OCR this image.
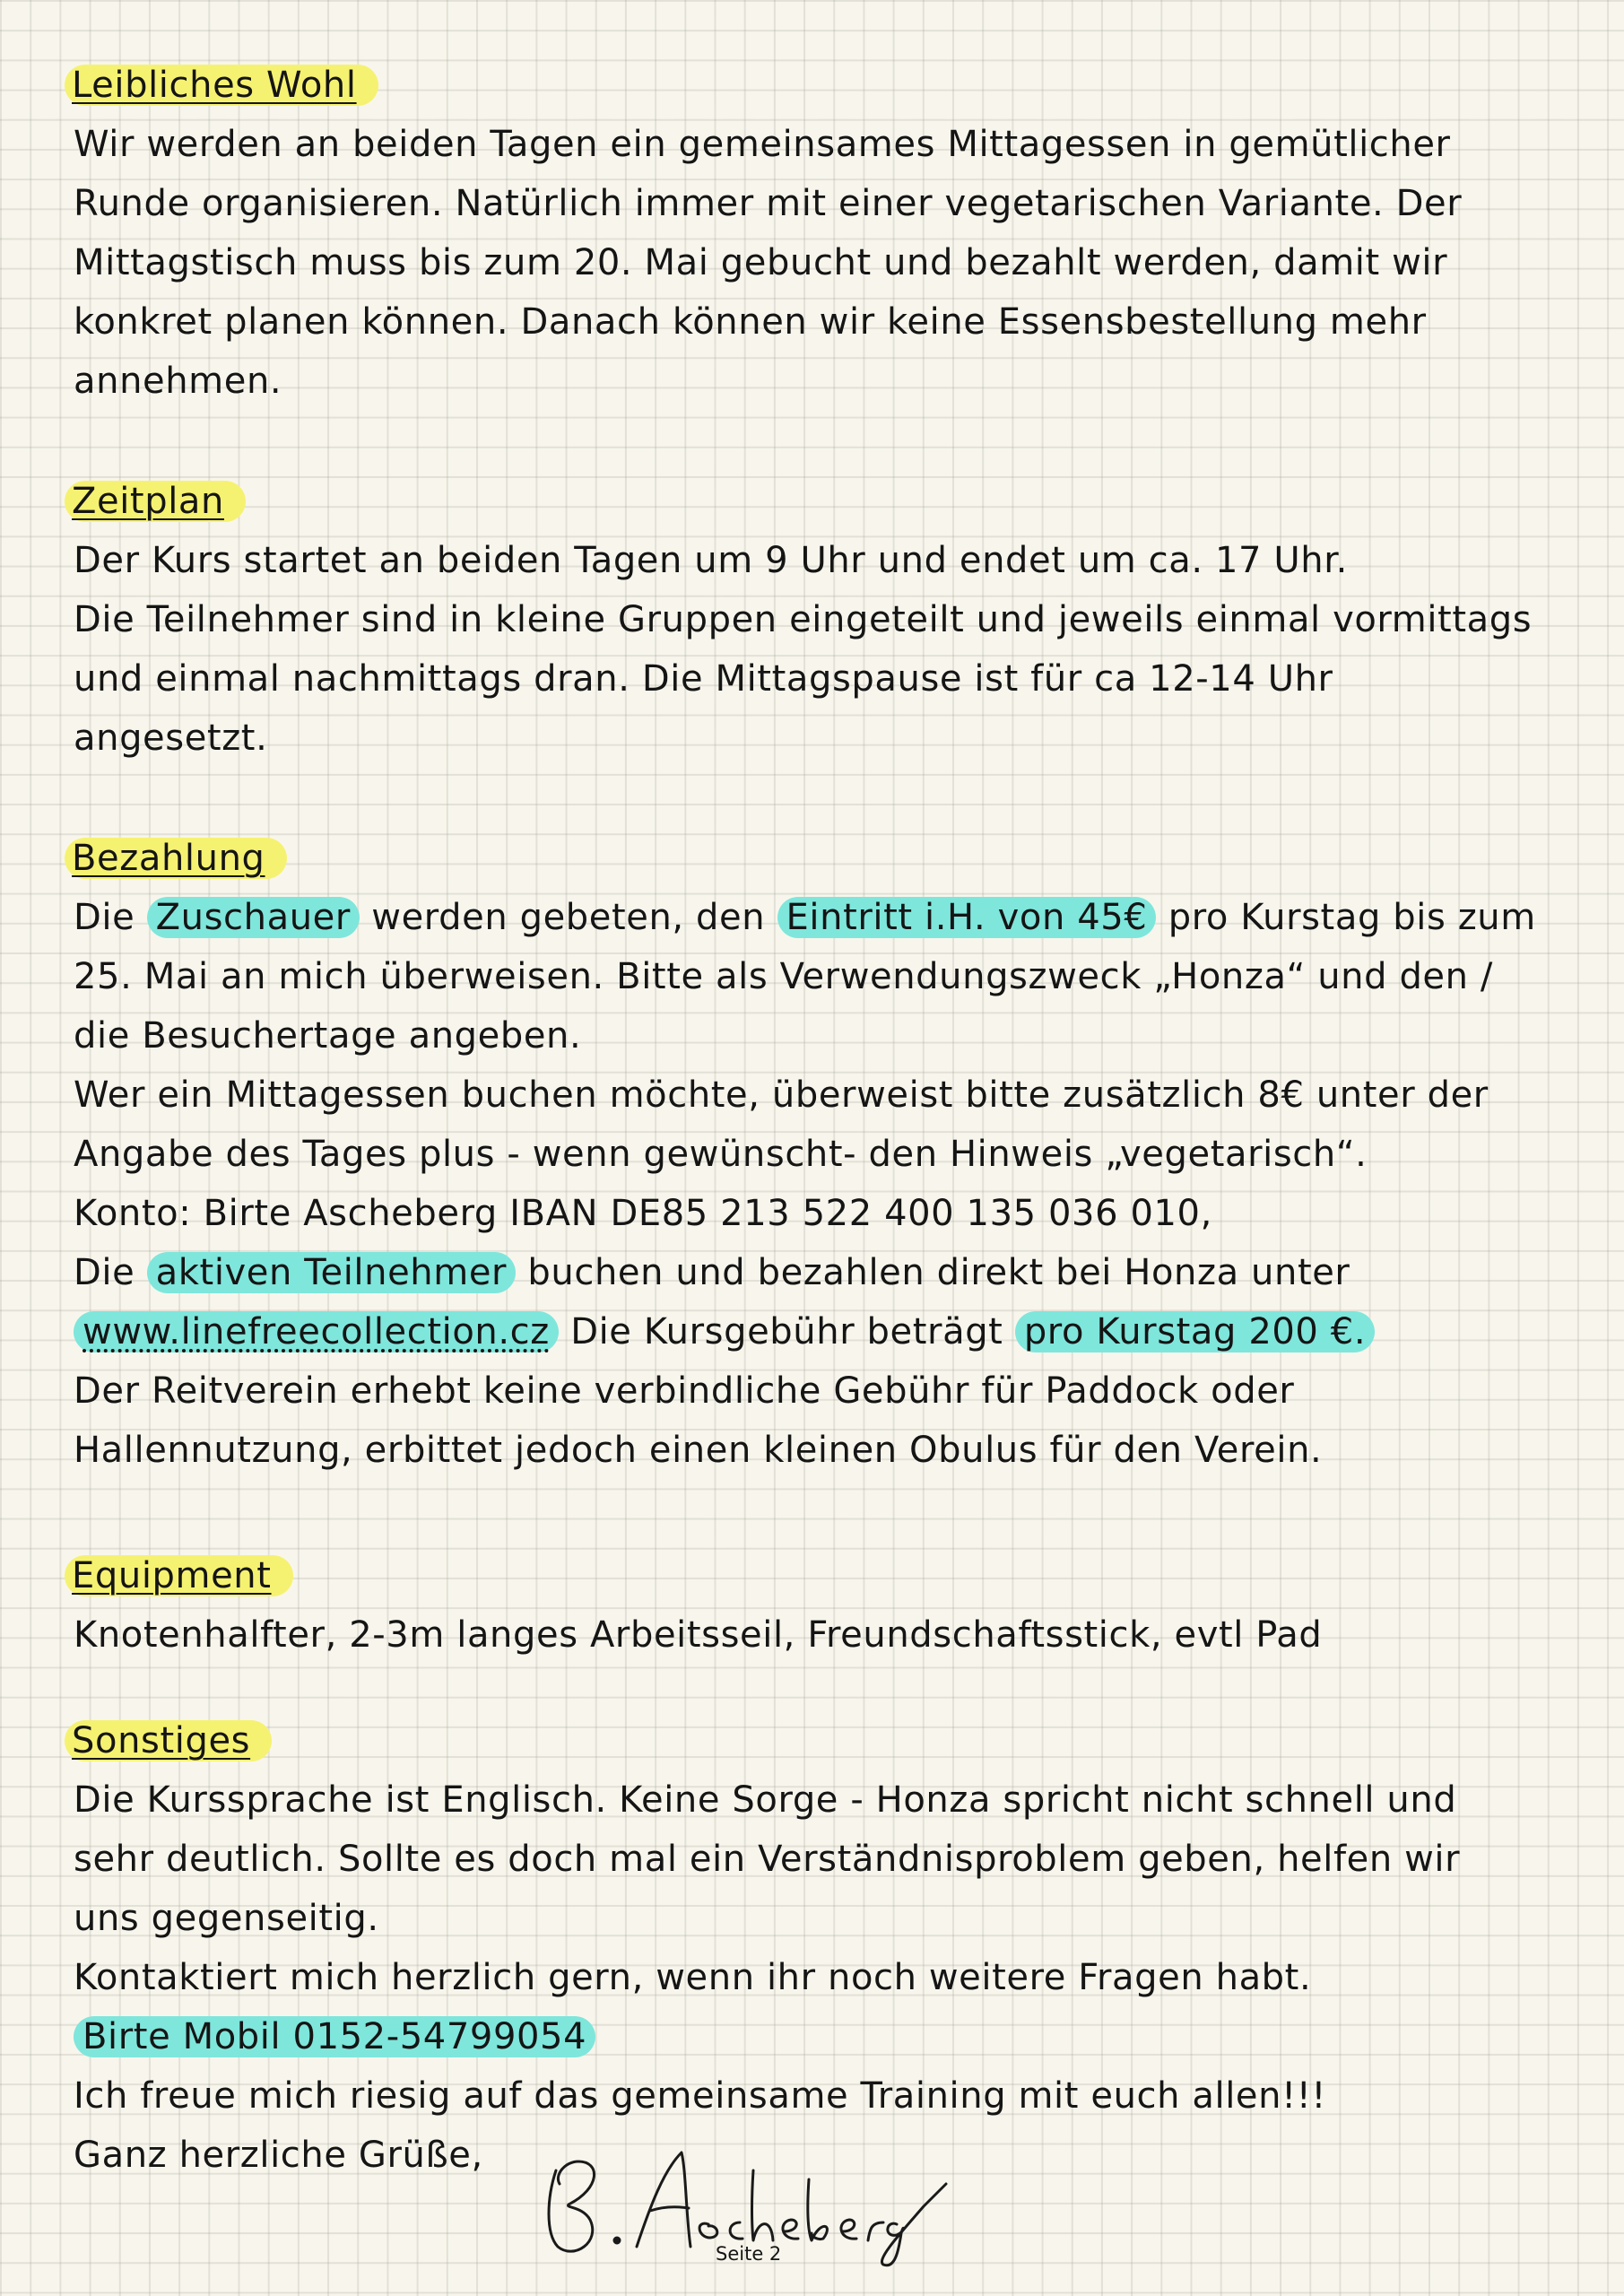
Leibliches Wohl
Wir werden an beiden Tagen ein gemeinsames Mittagessen in gemütlicher
Runde organisieren. Natürlich immer mit einer vegetarischen Variante. Der
Mittagstisch muss bis zum 20. Mai gebucht und bezahlt werden, damit wir
konkret planen können. Danach können wir keine Essensbestellung mehr
annehmen.
Zeitplan
Der Kurs startet an beiden Tagen um 9 Uhr und endet um ca. 17 Uhr.
Die Teilnehmer sind in kleine Gruppen eingeteilt und jeweils einmal vormittags
und einmal nachmittags dran. Die Mittagspause ist für ca 12-14 Uhr
angesetzt.
Bezahlung
Die Zuschauer werden gebeten, den Eintritt i.H. von 45€ pro Kurstag bis zum
25. Mai an mich überweisen. Bitte als Verwendungszweck „Honza“ und den /
die Besuchertage angeben.
Wer ein Mittagessen buchen möchte, überweist bitte zusätzlich 8€ unter der
Angabe des Tages plus - wenn gewünscht- den Hinweis „vegetarisch“.
Konto: Birte Ascheberg IBAN DE85 213 522 400 135 036 010,
Die aktiven Teilnehmer buchen und bezahlen direkt bei Honza unter
www.linefreecollection.cz Die Kursgebühr beträgt pro Kurstag 200 €.
Der Reitverein erhebt keine verbindliche Gebühr für Paddock oder
Hallennutzung, erbittet jedoch einen kleinen Obulus für den Verein.
Equipment
Knotenhalfter, 2-3m langes Arbeitsseil, Freundschaftsstick, evtl Pad
Sonstiges
Die Kurssprache ist Englisch. Keine Sorge - Honza spricht nicht schnell und
sehr deutlich. Sollte es doch mal ein Verständnisproblem geben, helfen wir
uns gegenseitig.
Kontaktiert mich herzlich gern, wenn ihr noch weitere Fragen habt.
Birte Mobil 0152-54799054
Ich freue mich riesig auf das gemeinsame Training mit euch allen!!!
Ganz herzliche Grüße,
Seite 2
